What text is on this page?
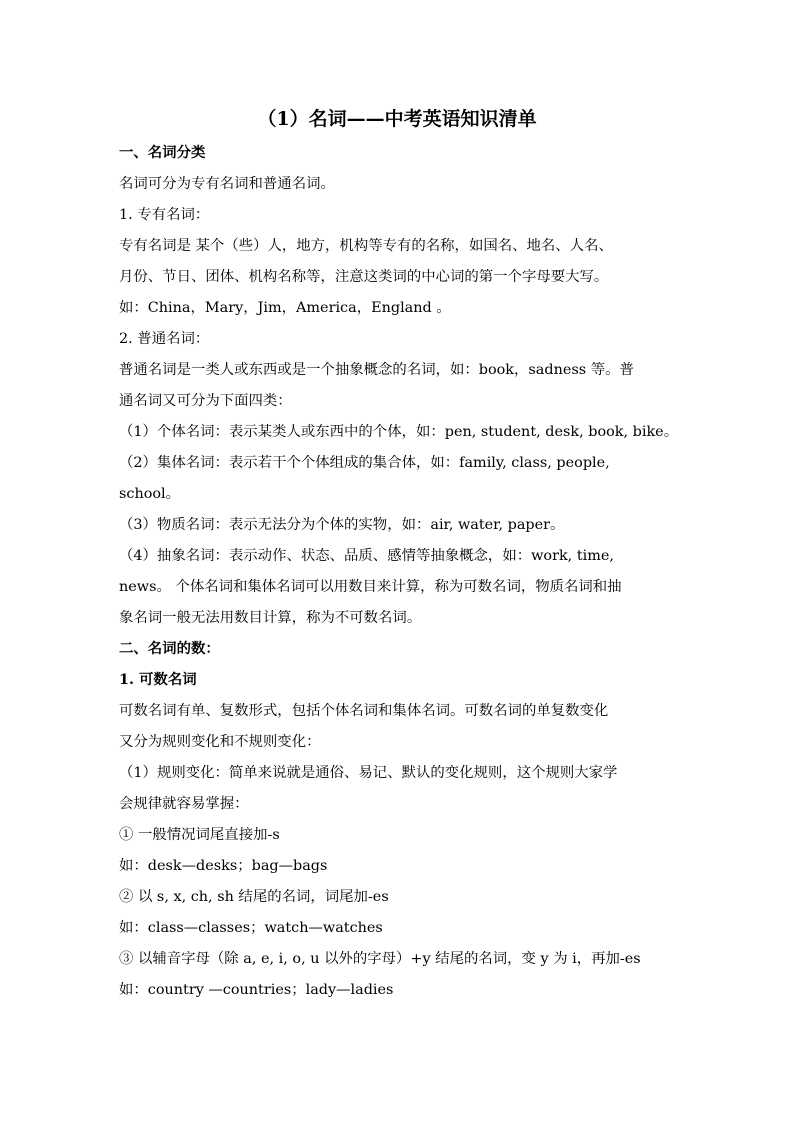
（1）名词——中考英语知识清单
一、名词分类
名词可分为专有名词和普通名词。
1. 专有名词：
专有名词是 某个（些）人，地方，机构等专有的名称，如国名、地名、人名、
月份、节日、团体、机构名称等，注意这类词的中心词的第一个字母要大写。
如：China，Mary，Jim，America，England 。
2. 普通名词：
普通名词是一类人或东西或是一个抽象概念的名词，如：book，sadness 等。普
通名词又可分为下面四类：
（1）个体名词：表示某类人或东西中的个体，如：pen, student, desk, book, bike。
（2）集体名词：表示若干个个体组成的集合体，如：family, class, people,
school。
（3）物质名词：表示无法分为个体的实物，如：air, water, paper。
（4）抽象名词：表示动作、状态、品质、感情等抽象概念，如：work, time,
news。 个体名词和集体名词可以用数目来计算，称为可数名词，物质名词和抽
象名词一般无法用数目计算，称为不可数名词。
二、名词的数：
1. 可数名词
可数名词有单、复数形式，包括个体名词和集体名词。可数名词的单复数变化
又分为规则变化和不规则变化：
（1）规则变化：简单来说就是通俗、易记、默认的变化规则，这个规则大家学
会规律就容易掌握：
① 一般情况词尾直接加-s
如：desk—desks；bag—bags
② 以 s, x, ch, sh 结尾的名词，词尾加-es
如：class—classes；watch—watches
③ 以辅音字母（除 a, e, i, o, u 以外的字母）+y 结尾的名词，变 y 为 i，再加-es
如：country —countries；lady—ladies
